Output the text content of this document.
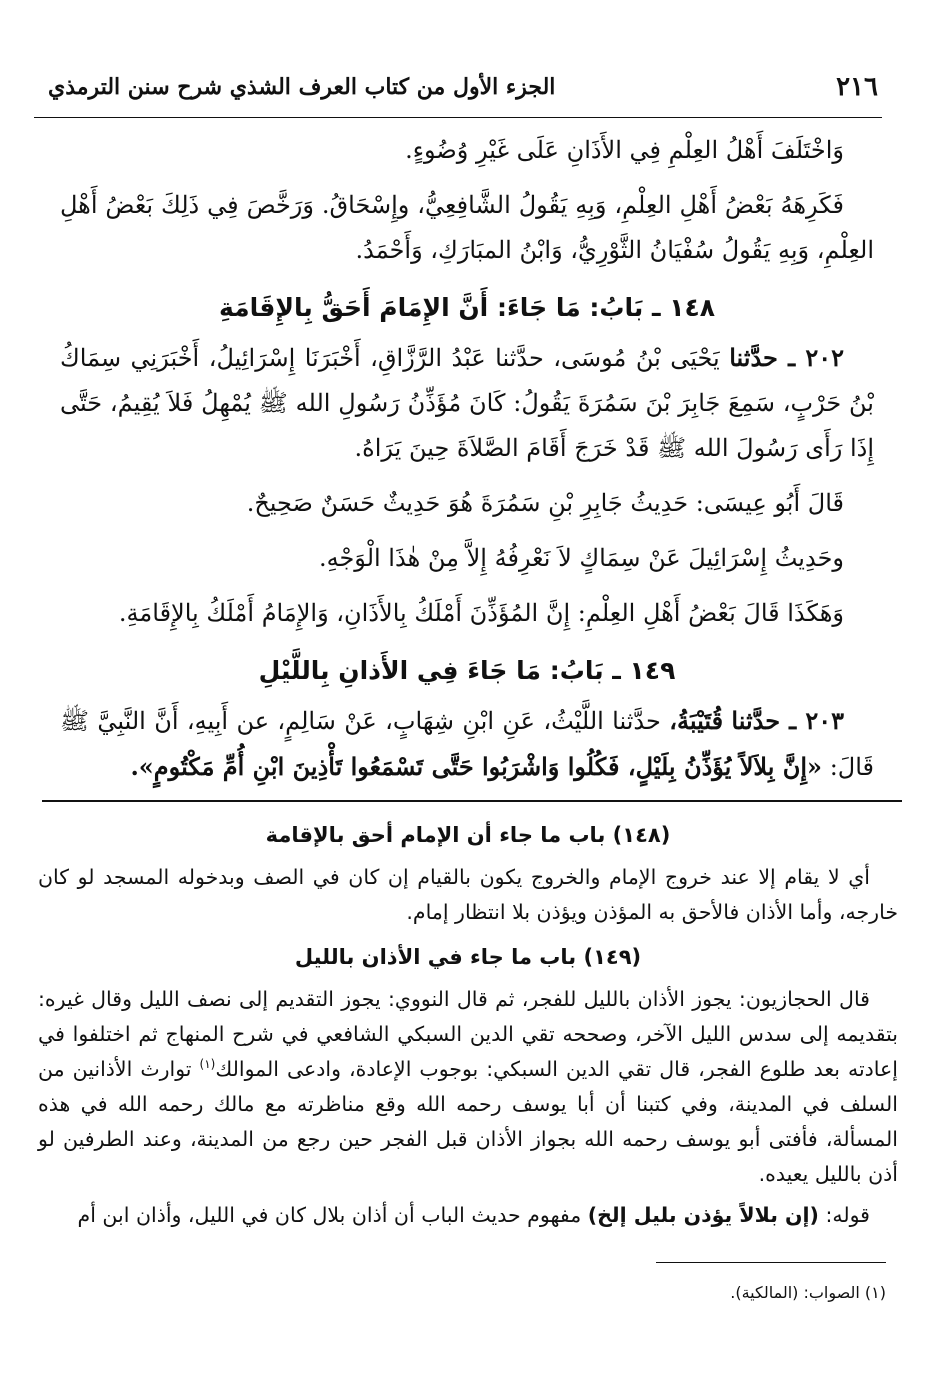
٢١٦
الجزء الأول من كتاب العرف الشذي شرح سنن الترمذي

وَاخْتَلَفَ أَهْلُ العِلْمِ فِي الأَذَانِ عَلَى غَيْرِ وُضُوءٍ.

فَكَرِهَهُ بَعْضُ أَهْلِ العِلْمِ، وَبِهِ يَقُولُ الشَّافِعِيُّ، وإِسْحَاقُ. وَرَخَّصَ فِي ذَلِكَ بَعْضُ أَهْلِ العِلْمِ، وَبِهِ يَقُولُ سُفْيَانُ الثَّوْرِيُّ، وَابْنُ المبَارَكِ، وَأَحْمَدُ.

١٤٨ ـ بَابُ: مَا جَاءَ: أَنَّ الإِمَامَ أَحَقُّ بِالإِقَامَةِ

٢٠٢ ـ حدَّثنا يَحْيَى بْنُ مُوسَى، حدَّثنا عَبْدُ الرَّزَّاقِ، أَخْبَرَنَا إِسْرَائِيلُ، أَخْبَرَنِي سِمَاكُ بْنُ حَرْبٍ، سَمِعَ جَابِرَ بْنَ سَمُرَةَ يَقُولُ: كَانَ مُؤَذِّنُ رَسُولِ الله ﷺ يُمْهِلُ فَلاَ يُقِيمُ، حَتَّى إِذَا رَأَى رَسُولَ الله ﷺ قَدْ خَرَجَ أَقَامَ الصَّلاَةَ حِينَ يَرَاهُ.

قَالَ أَبُو عِيسَى: حَدِيثُ جَابِرِ بْنِ سَمُرَةَ هُوَ حَدِيثٌ حَسَنٌ صَحِيحٌ.

وحَدِيثُ إِسْرَائِيلَ عَنْ سِمَاكٍ لاَ نَعْرِفُهُ إِلاَّ مِنْ هٰذَا الْوَجْهِ.

وَهَكَذَا قَالَ بَعْضُ أَهْلِ العِلْمِ: إِنَّ المُؤَذِّنَ أَمْلَكُ بِالأَذَانِ، وَالإِمَامُ أَمْلَكُ بِالإِقَامَةِ.

١٤٩ ـ بَابُ: مَا جَاءَ فِي الأَذانِ بِاللَّيْلِ

٢٠٣ ـ حدَّثنا قُتَيْبَةُ، حدَّثنا اللَّيْثُ، عَنِ ابْنِ شِهَابٍ، عَنْ سَالِمٍ، عن أَبِيهِ، أَنَّ النَّبِيَّ ﷺ قَالَ: «إِنَّ بِلاَلاً يُؤَذِّنُ بِلَيْلٍ، فَكُلُوا وَاشْرَبُوا حَتَّى تَسْمَعُوا تَأْذِينَ ابْنِ أُمِّ مَكْتُومٍ».

(١٤٨) باب ما جاء أن الإمام أحق بالإقامة

أي لا يقام إلا عند خروج الإمام والخروج يكون بالقيام إن كان في الصف وبدخوله المسجد لو كان خارجه، وأما الأذان فالأحق به المؤذن ويؤذن بلا انتظار إمام.

(١٤٩) باب ما جاء في الأذان بالليل

قال الحجازيون: يجوز الأذان بالليل للفجر، ثم قال النووي: يجوز التقديم إلى نصف الليل وقال غيره: بتقديمه إلى سدس الليل الآخر، وصححه تقي الدين السبكي الشافعي في شرح المنهاج ثم اختلفوا في إعادته بعد طلوع الفجر، قال تقي الدين السبكي: بوجوب الإعادة، وادعى الموالك$^{(١)}$ توارث الأذانين من السلف في المدينة، وفي كتبنا أن أبا يوسف رحمه الله وقع مناظرته مع مالك رحمه الله في هذه المسألة، فأفتى أبو يوسف رحمه الله بجواز الأذان قبل الفجر حين رجع من المدينة، وعند الطرفين لو أذن بالليل يعيده.

قوله: (إن بلالاً يؤذن بليل إلخ) مفهوم حديث الباب أن أذان بلال كان في الليل، وأذان ابن أم

(١) الصواب: (المالكية).
